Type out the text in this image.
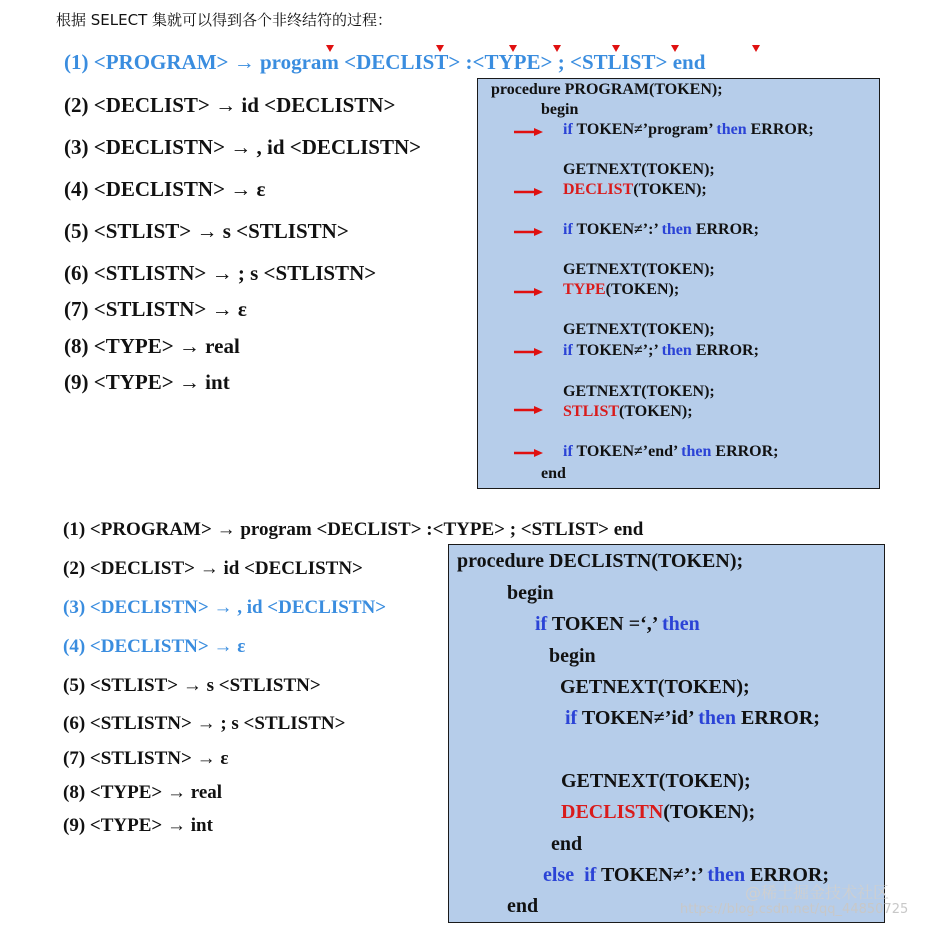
根据 SELECT 集就可以得到各个非终结符的过程：
(1) <PROGRAM> → program <DECLIST> :<TYPE> ; <STLIST> end
(2) <DECLIST> → id <DECLISTN>
(3) <DECLISTN> → , id <DECLISTN>
(4) <DECLISTN> → ε
(5) <STLIST> → s <STLISTN>
(6) <STLISTN> → ; s <STLISTN>
(7) <STLISTN> → ε
(8) <TYPE> → real
(9) <TYPE> → int
procedure PROGRAM(TOKEN);
begin
if TOKEN≠’program’ then ERROR;
GETNEXT(TOKEN);
DECLIST(TOKEN);
if TOKEN≠’:’ then ERROR;
GETNEXT(TOKEN);
TYPE(TOKEN);
GETNEXT(TOKEN);
if TOKEN≠’;’ then ERROR;
GETNEXT(TOKEN);
STLIST(TOKEN);
if TOKEN≠’end’ then ERROR;
end
(1) <PROGRAM> → program <DECLIST> :<TYPE> ; <STLIST> end
(2) <DECLIST> → id <DECLISTN>
(3) <DECLISTN> → , id <DECLISTN>
(4) <DECLISTN> → ε
(5) <STLIST> → s <STLISTN>
(6) <STLISTN> → ; s <STLISTN>
(7) <STLISTN> → ε
(8) <TYPE> → real
(9) <TYPE> → int
procedure DECLISTN(TOKEN);
begin
if TOKEN =‘,’ then
begin
GETNEXT(TOKEN);
if TOKEN≠’id’ then ERROR;
GETNEXT(TOKEN);
DECLISTN(TOKEN);
end
else if TOKEN≠’:’ then ERROR;
end
@稀土掘金技术社区
https://blog.csdn.net/qq_44850725
